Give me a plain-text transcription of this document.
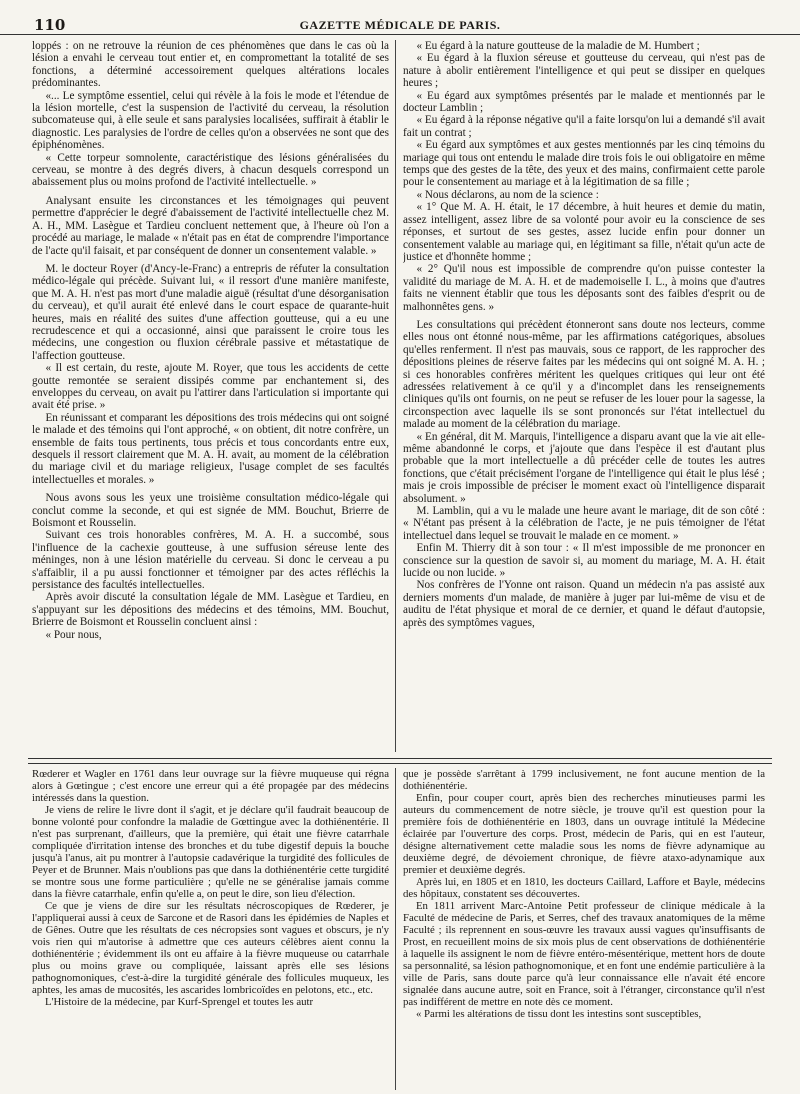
110	GAZETTE MÉDICALE DE PARIS.

loppés : on ne retrouve la réunion de ces phénomènes que dans le cas où la lésion a envahi le cerveau tout entier et, en compromettant la totalité de ses fonctions, a déterminé accessoirement quelques altérations locales prédominantes.

«... Le symptôme essentiel, celui qui révèle à la fois le mode et l'étendue de la lésion mortelle, c'est la suspension de l'activité du cerveau, la résolution subcomateuse qui, à elle seule et sans paralysies localisées, suffirait à établir le diagnostic. Les paralysies de l'ordre de celles qu'on a observées ne sont que des épiphénomènes.

« Cette torpeur somnolente, caractéristique des lésions généralisées du cerveau, se montre à des degrés divers, à chacun desquels correspond un abaissement plus ou moins profond de l'activité intellectuelle. »

Analysant ensuite les circonstances et les témoignages qui peuvent permettre d'apprécier le degré d'abaissement de l'activité intellectuelle chez M. A. H., MM. Lasègue et Tardieu concluent nettement que, à l'heure où l'on a procédé au mariage, le malade « n'était pas en état de comprendre l'importance de l'acte qu'il faisait, et par conséquent de donner un consentement valable. »

M. le docteur Royer (d'Ancy-le-Franc) a entrepris de réfuter la consultation médico-légale qui précède. Suivant lui, « il ressort d'une manière manifeste, que M. A. H. n'est pas mort d'une maladie aiguë (résultat d'une désorganisation du cerveau), et qu'il aurait été enlevé dans le court espace de quarante-huit heures, mais en réalité des suites d'une affection goutteuse, qui a eu une recrudescence et qui a occasionné, ainsi que paraissent le croire tous les médecins, une congestion ou fluxion cérébrale passive et métastatique de l'affection goutteuse.

« Il est certain, du reste, ajoute M. Royer, que tous les accidents de cette goutte remontée se seraient dissipés comme par enchantement si, des enveloppes du cerveau, on avait pu l'attirer dans l'articulation si importante qui avait été prise. »

En réunissant et comparant les dépositions des trois médecins qui ont soigné le malade et des témoins qui l'ont approché, « on obtient, dit notre confrère, un ensemble de faits tous pertinents, tous précis et tous concordants entre eux, desquels il ressort clairement que M. A. H. avait, au moment de la célébration du mariage civil et du mariage religieux, l'usage complet de ses facultés intellectuelles et morales. »

Nous avons sous les yeux une troisième consultation médico-légale qui conclut comme la seconde, et qui est signée de MM. Bouchut, Brierre de Boismont et Rousselin.

Suivant ces trois honorables confrères, M. A. H. a succombé, sous l'influence de la cachexie goutteuse, à une suffusion séreuse lente des méninges, non à une lésion matérielle du cerveau. Si donc le cerveau a pu s'affaiblir, il a pu aussi fonctionner et témoigner par des actes réfléchis la persistance des facultés intellectuelles.

Après avoir discuté la consultation légale de MM. Lasègue et Tardieu, en s'appuyant sur les dépositions des médecins et des témoins, MM. Bouchut, Brierre de Boismont et Rousselin concluent ainsi :

« Pour nous,

« Eu égard à la nature goutteuse de la maladie de M. Humbert ;

« Eu égard à la fluxion séreuse et goutteuse du cerveau, qui n'est pas de nature à abolir entièrement l'intelligence et qui peut se dissiper en quelques heures ;

« Eu égard aux symptômes présentés par le malade et mentionnés par le docteur Lamblin ;

« Eu égard à la réponse négative qu'il a faite lorsqu'on lui a demandé s'il avait fait un contrat ;

« Eu égard aux symptômes et aux gestes mentionnés par les cinq témoins du mariage qui tous ont entendu le malade dire trois fois le oui obligatoire en même temps que des gestes de la tête, des yeux et des mains, confirmaient cette parole pour le consentement au mariage et à la légitimation de sa fille ;

« Nous déclarons, au nom de la science :

« 1° Que M. A. H. était, le 17 décembre, à huit heures et demie du matin, assez intelligent, assez libre de sa volonté pour avoir eu la conscience de ses réponses, et surtout de ses gestes, assez lucide enfin pour donner un consentement valable au mariage qui, en légitimant sa fille, n'était qu'un acte de justice et d'honnête homme ;

« 2° Qu'il nous est impossible de comprendre qu'on puisse contester la validité du mariage de M. A. H. et de mademoiselle I. L., à moins que d'autres faits ne viennent établir que tous les déposants sont des faibles d'esprit ou de malhonnêtes gens. »

Les consultations qui précèdent étonneront sans doute nos lecteurs, comme elles nous ont étonné nous-même, par les affirmations catégoriques, absolues qu'elles renferment. Il n'est pas mauvais, sous ce rapport, de les rapprocher des dépositions pleines de réserve faites par les médecins qui ont soigné M. A. H. ; si ces honorables confrères méritent les quelques critiques qui leur ont été adressées relativement à ce qu'il y a d'incomplet dans les renseignements cliniques qu'ils ont fournis, on ne peut se refuser de les louer pour la sagesse, la circonspection avec laquelle ils se sont prononcés sur l'état intellectuel du malade au moment de la célébration du mariage.

« En général, dit M. Marquis, l'intelligence a disparu avant que la vie ait elle-même abandonné le corps, et j'ajoute que dans l'espèce il est d'autant plus probable que la mort intellectuelle a dû précéder celle de toutes les autres fonctions, que c'était précisément l'organe de l'intelligence qui était le plus lésé ; mais je crois impossible de préciser le moment exact où l'intelligence disparait absolument. »

M. Lamblin, qui a vu le malade une heure avant le mariage, dit de son côté : « N'étant pas présent à la célébration de l'acte, je ne puis témoigner de l'état intellectuel dans lequel se trouvait le malade en ce moment. »

Enfin M. Thierry dit à son tour : « Il m'est impossible de me prononcer en conscience sur la question de savoir si, au moment du mariage, M. A. H. était lucide ou non lucide. »

Nos confrères de l'Yonne ont raison. Quand un médecin n'a pas assisté aux derniers moments d'un malade, de manière à juger par lui-même de visu et de auditu de l'état physique et moral de ce dernier, et quand le défaut d'autopsie, après des symptômes vagues,

Rœderer et Wagler en 1761 dans leur ouvrage sur la fièvre muqueuse qui régna alors à Gœtingue ; c'est encore une erreur qui a été propagée par des médecins intéressés dans la question.

Je viens de relire le livre dont il s'agit, et je déclare qu'il faudrait beaucoup de bonne volonté pour confondre la maladie de Gœttingue avec la dothiénentérie. Il n'est pas surprenant, d'ailleurs, que la première, qui était une fièvre catarrhale compliquée d'irritation intense des bronches et du tube digestif depuis la bouche jusqu'à l'anus, ait pu montrer à l'autopsie cadavérique la turgidité des follicules de Peyer et de Brunner. Mais n'oublions pas que dans la dothiénentérie cette turgidité se montre sous une forme particulière ; qu'elle ne se généralise jamais comme dans la fièvre catarrhale, enfin qu'elle a, on peut le dire, son lieu d'élection.

Ce que je viens de dire sur les résultats nécroscopiques de Rœderer, je l'appliquerai aussi à ceux de Sarcone et de Rasori dans les épidémies de Naples et de Gênes. Outre que les résultats de ces nécropsies sont vagues et obscurs, je n'y vois rien qui m'autorise à admettre que ces auteurs célèbres aient connu la dothiénentérie ; évidemment ils ont eu affaire à la fièvre muqueuse ou catarrhale plus ou moins grave ou compliquée, laissant après elle ses lésions pathognomoniques, c'est-à-dire la turgidité générale des follicules muqueux, les aphtes, les amas de mucosités, les ascarides lombricoïdes en pelotons, etc., etc.

L'Histoire de la médecine, par Kurf-Sprengel et toutes les autr

que je possède s'arrêtant à 1799 inclusivement, ne font aucune mention de la dothiénentérie.

Enfin, pour couper court, après bien des recherches minutieuses parmi les auteurs du commencement de notre siècle, je trouve qu'il est question pour la première fois de dothiénentérie en 1803, dans un ouvrage intitulé la Médecine éclairée par l'ouverture des corps. Prost, médecin de Paris, qui en est l'auteur, désigne alternativement cette maladie sous les noms de fièvre adynamique au deuxième degré, de dévoiement chronique, de fièvre ataxo-adynamique aux premier et deuxième degrés.

Après lui, en 1805 et en 1810, les docteurs Caillard, Laffore et Bayle, médecins des hôpitaux, constatent ses découvertes.

En 1811 arrivent Marc-Antoine Petit professeur de clinique médicale à la Faculté de médecine de Paris, et Serres, chef des travaux anatomiques de la même Faculté ; ils reprennent en sous-œuvre les travaux aussi vagues qu'insuffisants de Prost, en recueillent moins de six mois plus de cent observations de dothiénentérie à laquelle ils assignent le nom de fièvre entéro-mésentérique, mettent hors de doute sa personnalité, sa lésion pathognomonique, et en font une endémie particulière à la ville de Paris, sans doute parce qu'à leur connaissance elle n'avait été encore signalée dans aucune autre, soit en France, soit à l'étranger, circonstance qu'il n'est pas indifférent de mettre en note dès ce moment.

« Parmi les altérations de tissu dont les intestins sont susceptibles,
